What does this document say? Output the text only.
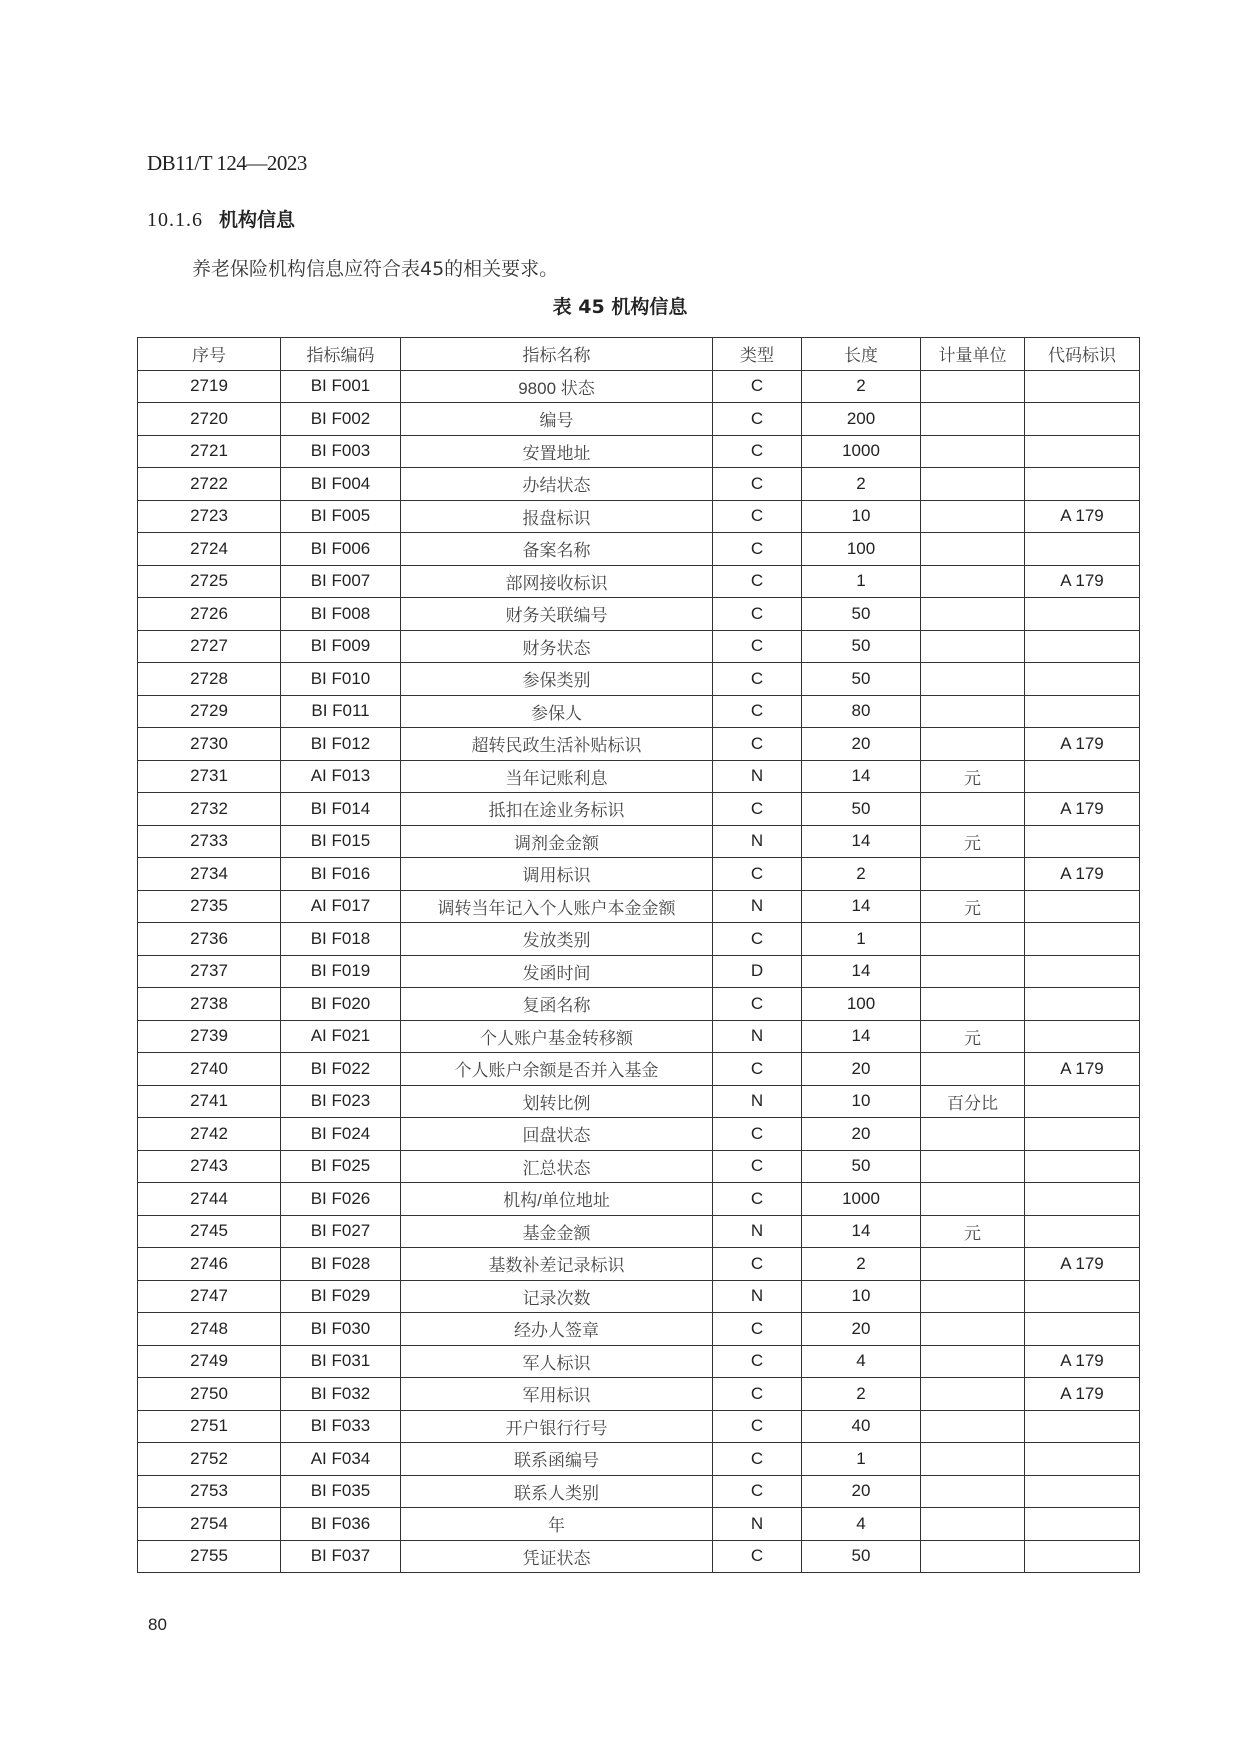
DB11/T 124—2023
10.1.6 机构信息
养老保险机构信息应符合表45的相关要求。
表 45 机构信息
序号	指标编码	指标名称	类型	长度	计量单位	代码标识
2719	BI F001	9800 状态	C	2		
2720	BI F002	编号	C	200		
2721	BI F003	安置地址	C	1000		
2722	BI F004	办结状态	C	2		
2723	BI F005	报盘标识	C	10		A 179
2724	BI F006	备案名称	C	100		
2725	BI F007	部网接收标识	C	1		A 179
2726	BI F008	财务关联编号	C	50		
2727	BI F009	财务状态	C	50		
2728	BI F010	参保类别	C	50		
2729	BI F011	参保人	C	80		
2730	BI F012	超转民政生活补贴标识	C	20		A 179
2731	AI F013	当年记账利息	N	14	元	
2732	BI F014	抵扣在途业务标识	C	50		A 179
2733	BI F015	调剂金金额	N	14	元	
2734	BI F016	调用标识	C	2		A 179
2735	AI F017	调转当年记入个人账户本金金额	N	14	元	
2736	BI F018	发放类别	C	1		
2737	BI F019	发函时间	D	14		
2738	BI F020	复函名称	C	100		
2739	AI F021	个人账户基金转移额	N	14	元	
2740	BI F022	个人账户余额是否并入基金	C	20		A 179
2741	BI F023	划转比例	N	10	百分比	
2742	BI F024	回盘状态	C	20		
2743	BI F025	汇总状态	C	50		
2744	BI F026	机构/单位地址	C	1000		
2745	BI F027	基金金额	N	14	元	
2746	BI F028	基数补差记录标识	C	2		A 179
2747	BI F029	记录次数	N	10		
2748	BI F030	经办人签章	C	20		
2749	BI F031	军人标识	C	4		A 179
2750	BI F032	军用标识	C	2		A 179
2751	BI F033	开户银行行号	C	40		
2752	AI F034	联系函编号	C	1		
2753	BI F035	联系人类别	C	20		
2754	BI F036	年	N	4		
2755	BI F037	凭证状态	C	50		
80
